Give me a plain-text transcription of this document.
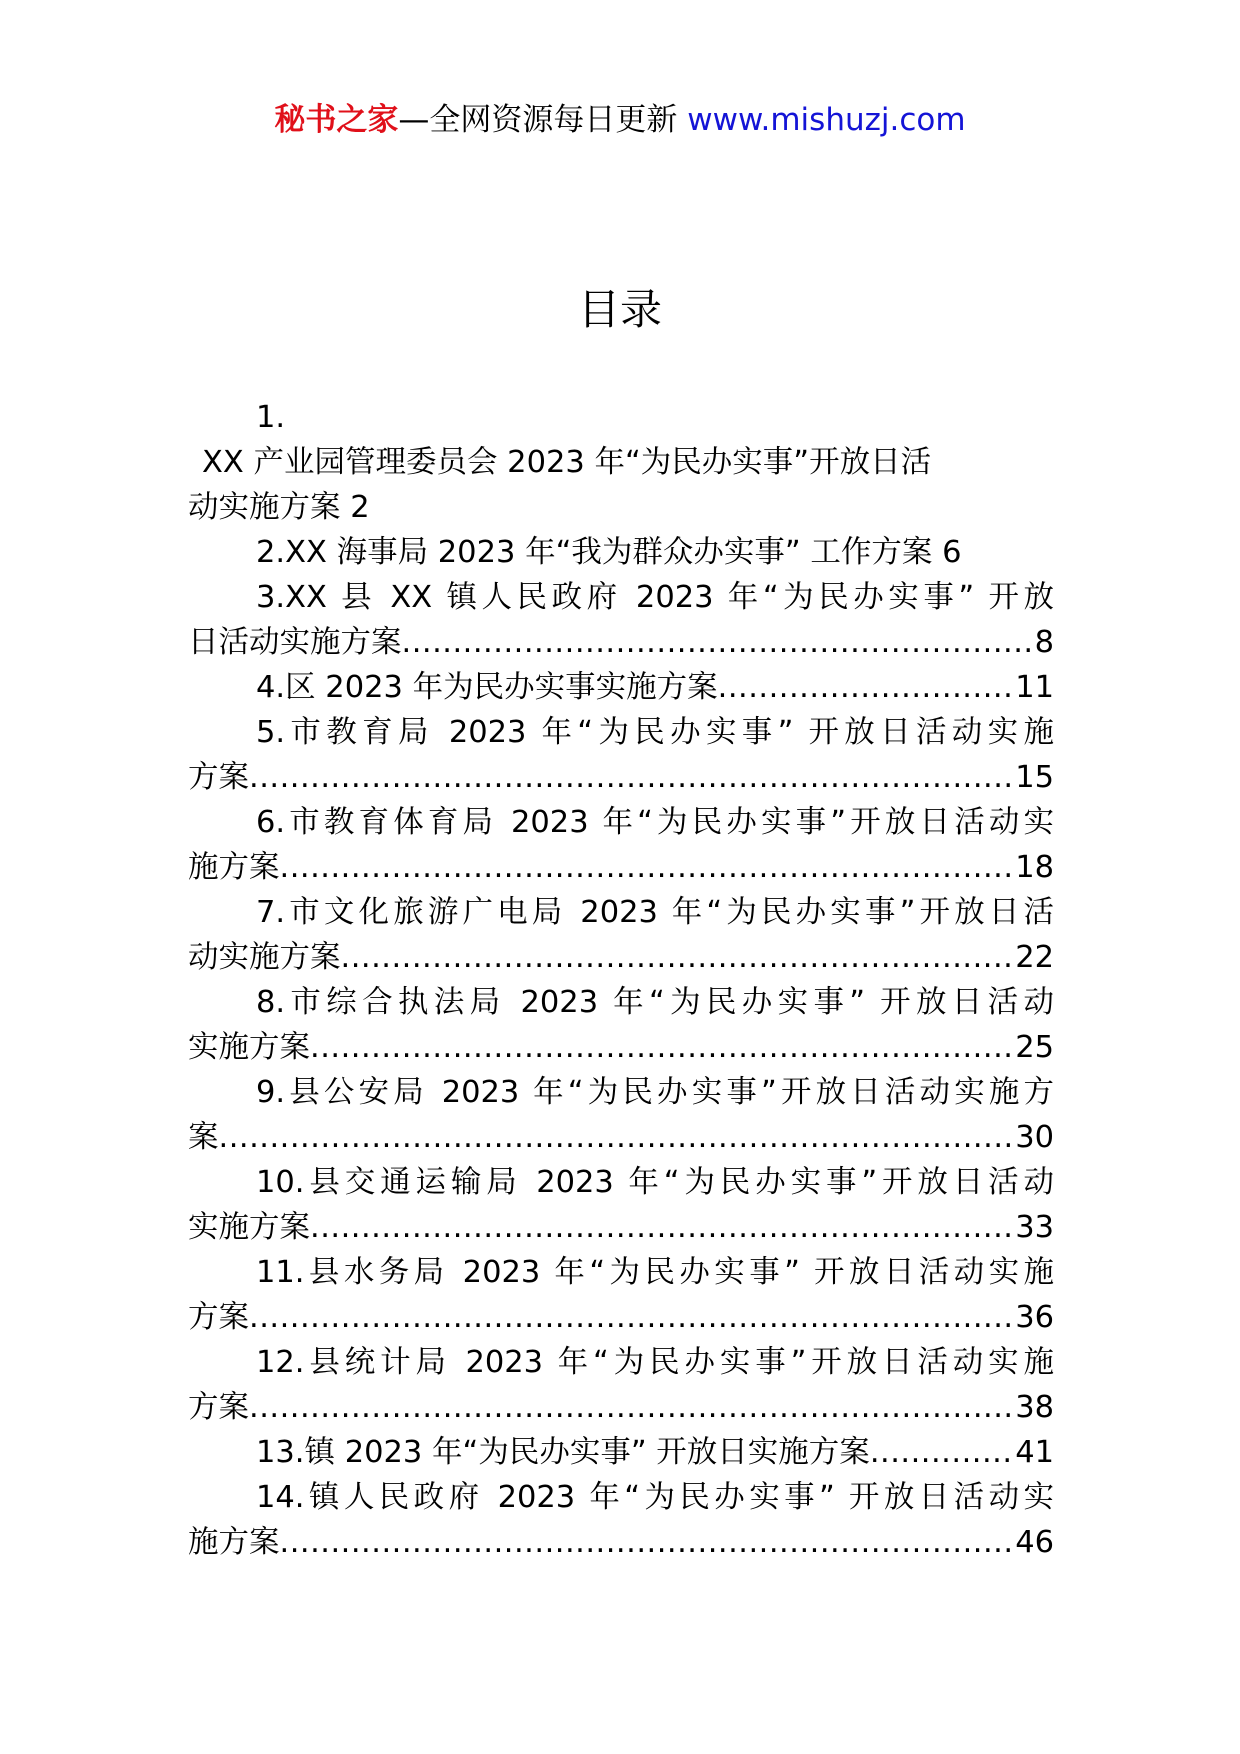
秘书之家—全网资源每日更新 www.mishuzj.com
目录
1.
XX 产业园管理委员会 2023 年“为民办实事”开放日活
动实施方案 2
2.XX 海事局 2023 年“我为群众办实事” 工作方案 6
3.XX 县 XX 镇人民政府 2023 年“为民办实事” 开放
日活动实施方案 .....	8
4.区 2023 年为民办实事实施方案 .....	11
5.市教育局 2023 年“为民办实事” 开放日活动实施
方案 .....	15
6.市教育体育局 2023 年“为民办实事”开放日活动实
施方案 .....	18
7.市文化旅游广电局 2023 年“为民办实事”开放日活
动实施方案 .....	22
8.市综合执法局 2023 年“为民办实事” 开放日活动
实施方案 .....	25
9.县公安局 2023 年“为民办实事”开放日活动实施方
案 .....	30
10.县交通运输局 2023 年“为民办实事”开放日活动
实施方案 .....	33
11.县水务局 2023 年“为民办实事” 开放日活动实施
方案 .....	36
12.县统计局 2023 年“为民办实事”开放日活动实施
方案 .....	38
13.镇 2023 年“为民办实事” 开放日实施方案 .....	41
14.镇人民政府 2023 年“为民办实事” 开放日活动实
施方案 .....	46
